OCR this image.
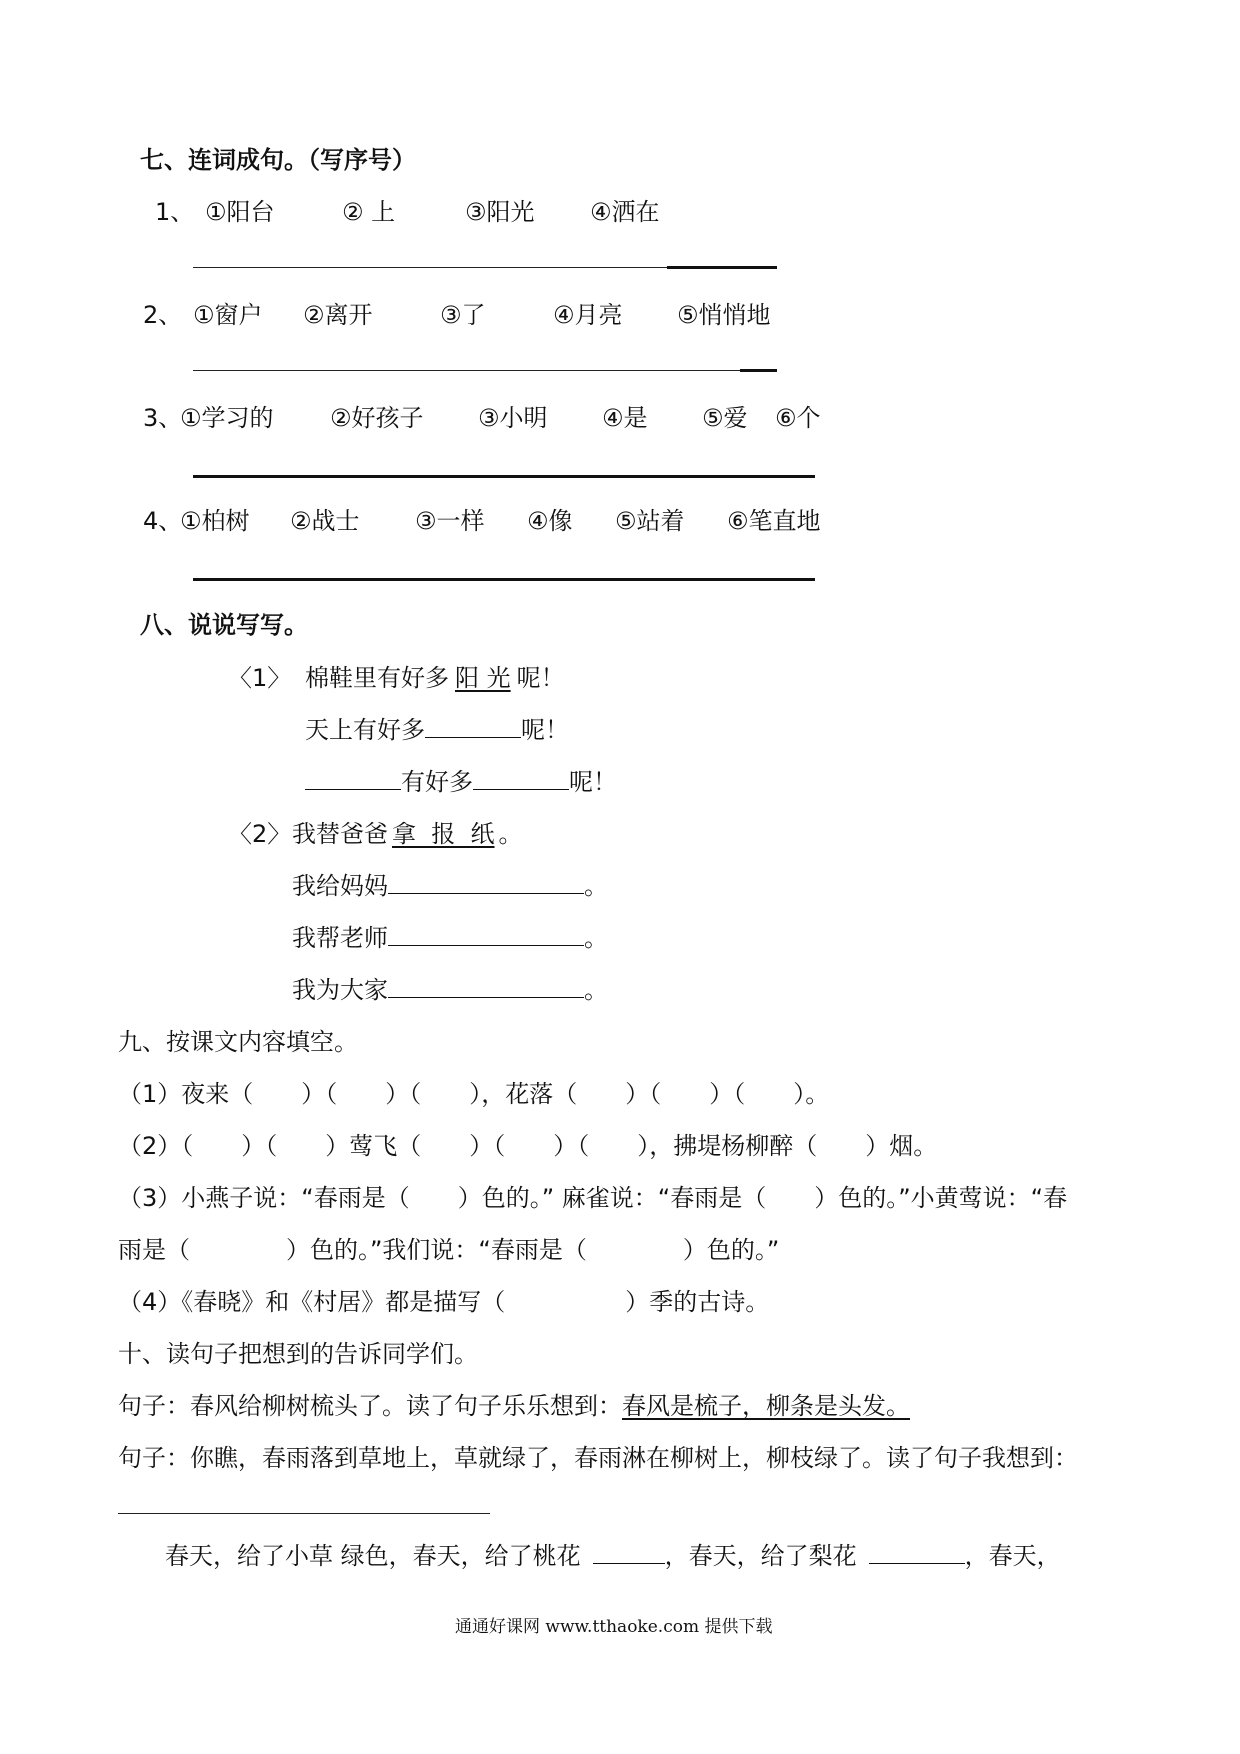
七、连词成句。（写序号）
1、 ①阳台	② 上	③阳光 ④洒在
2、 ①窗户 ②离开	③了	④月亮 ⑤悄悄地
3、
①学习的 ②好孩子 ③小明 ④是 ⑤爱 ⑥个
4、
①柏树 ②战士 ③一样 ④像 ⑤站着 ⑥笔直地
八、说说写写。
〈1〉 棉鞋里有好多 阳 光 呢！
天上有好多	呢！
有好多	呢！
〈2〉 我替爸爸 拿  报  纸 。
我给妈妈	。
我帮老师	。
我为大家	。
九、按课文内容填空。
（1）夜来（　　）（　　）（　　），花落（　　）（　　）（　　）。
（2）（　　）（　　）莺飞（　　）（　　）（　　），拂堤杨柳醉（　　）烟。
（3）小燕子说：“春雨是（　　）色的。” 麻雀说：“春雨是（　　）色的。”小黄莺说：“春
雨是（　　　　）色的。”我们说：“春雨是（　　　　）色的。”
（4）《春晓》和《村居》都是描写（　　　　　）季的古诗。
十、读句子把想到的告诉同学们。
句子：春风给柳树梳头了。读了句子乐乐想到：春风是梳子，柳条是头发。
句子：你瞧，春雨落到草地上，草就绿了，春雨淋在柳树上，柳枝绿了。读了句子我想到：
春天，给了小草 绿色，春天，给了桃花	，春天，给了梨花	，春天，
通通好课网 www.tthaoke.com 提供下载
